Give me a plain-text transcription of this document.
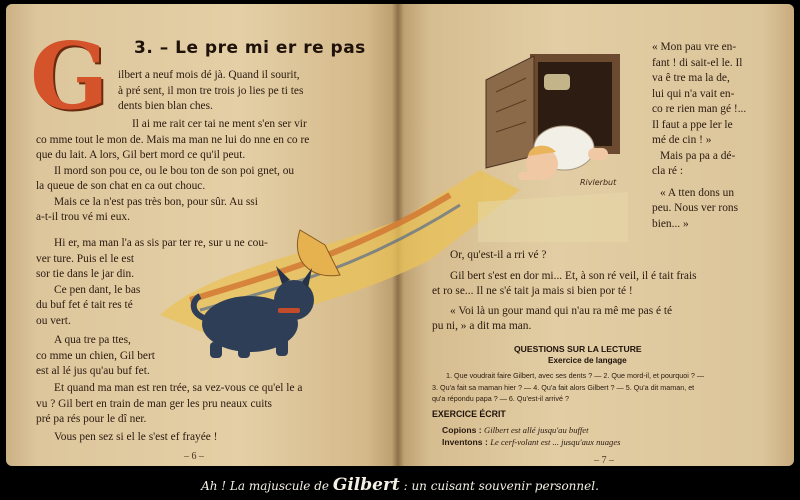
G	3. – Le pre mi er re pas

ilbert a neuf mois dé jà. Quand il sourit,

à pré sent, il mon tre trois jo lies pe ti tes

dents bien blan ches.

Il ai me rait cer tai ne ment s'en ser vir

co mme tout le mon de. Mais ma man ne lui do nne en co re

que du lait. A lors, Gil bert mord ce qu'il peut.

Il mord son pou ce, ou le bou ton de son poi gnet, ou

la queue de son chat en ca out chouc.

Mais ce la n'est pas très bon, pour sûr. Au ssi

a-t-il trou vé mi eux.

Hi er, ma man l'a as sis par ter re, sur u ne cou-

ver ture. Puis el le est

sor tie dans le jar din.

Ce pen dant, le bas

du buf fet é tait res té

ou vert.

A qua tre pa ttes,

co mme un chien, Gil bert

est al lé jus qu'au buf fet.

Et quand ma man est ren trée, sa vez-vous ce qu'el le a

vu ? Gil bert en train de man ger les pru neaux cuits

pré pa rés pour le dî ner.

Vous pen sez si el le s'est ef frayée !

– 6 –
Rivlerbut

« Mon pau vre en-

fant ! di sait-el le. Il

va ê tre ma la de,

lui qui n'a vait en-

co re rien man gé !...

Il faut a ppe ler le

mé de cin ! »

Mais pa pa a dé-

cla ré :

« A tten dons un

peu. Nous ver rons

bien... »

Or, qu'est-il a rri vé ?

Gil bert s'est en dor mi... Et, à son ré veil, il é tait frais

et ro se... Il ne s'é tait ja mais si bien por té !

« Voi là un gour mand qui n'au ra mê me pas é té

pu ni, » a dit ma man.

QUESTIONS SUR LA LECTURE
Exercice de langage

1. Que voudrait faire Gilbert, avec ses dents ? — 2. Que mord-il, et pourquoi ? —

3. Qu'a fait sa maman hier ? — 4. Qu'a fait alors Gilbert ? — 5. Qu'a dit maman, et

qu'a répondu papa ? — 6. Qu'est-il arrivé ?

EXERCICE ÉCRIT
Copions : Gilbert est allé jusqu'au buffet
Inventons : Le cerf-volant est ... jusqu'aux nuages
– 7 –
Ah ! La majuscule de Gilbert : un cuisant souvenir personnel.
